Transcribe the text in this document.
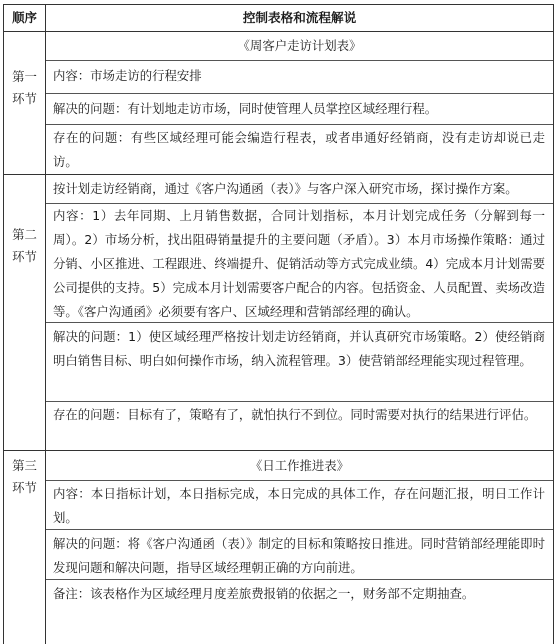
顺序	控制表格和流程解说
第一
环节
《周客户走访计划表》
内容：市场走访的行程安排
解决的问题：有计划地走访市场，同时使管理人员掌控区域经理行程。
存在的问题：有些区域经理可能会编造行程表，或者串通好经销商，没有走访却说已走访。
第二
环节
按计划走访经销商，通过《客户沟通函（表）》与客户深入研究市场，探讨操作方案。
内容：1）去年同期、上月销售数据，合同计划指标，本月计划完成任务（分解到每一周）。2）市场分析，找出阻碍销量提升的主要问题（矛盾）。3）本月市场操作策略：通过分销、小区推进、工程跟进、终端提升、促销活动等方式完成业绩。4）完成本月计划需要公司提供的支持。5）完成本月计划需要客户配合的内容。包括资金、人员配置、卖场改造等。《客户沟通函》必须要有客户、区域经理和营销部经理的确认。
解决的问题：1）使区域经理严格按计划走访经销商，并认真研究市场策略。2）使经销商明白销售目标、明白如何操作市场，纳入流程管理。3）使营销部经理能实现过程管理。
存在的问题：目标有了，策略有了，就怕执行不到位。同时需要对执行的结果进行评估。
第三
环节
《日工作推进表》
内容：本日指标计划，本日指标完成，本日完成的具体工作，存在问题汇报，明日工作计划。
解决的问题：将《客户沟通函（表）》制定的目标和策略按日推进。同时营销部经理能即时发现问题和解决问题，指导区域经理朝正确的方向前进。
备注：该表格作为区域经理月度差旅费报销的依据之一，财务部不定期抽查。
